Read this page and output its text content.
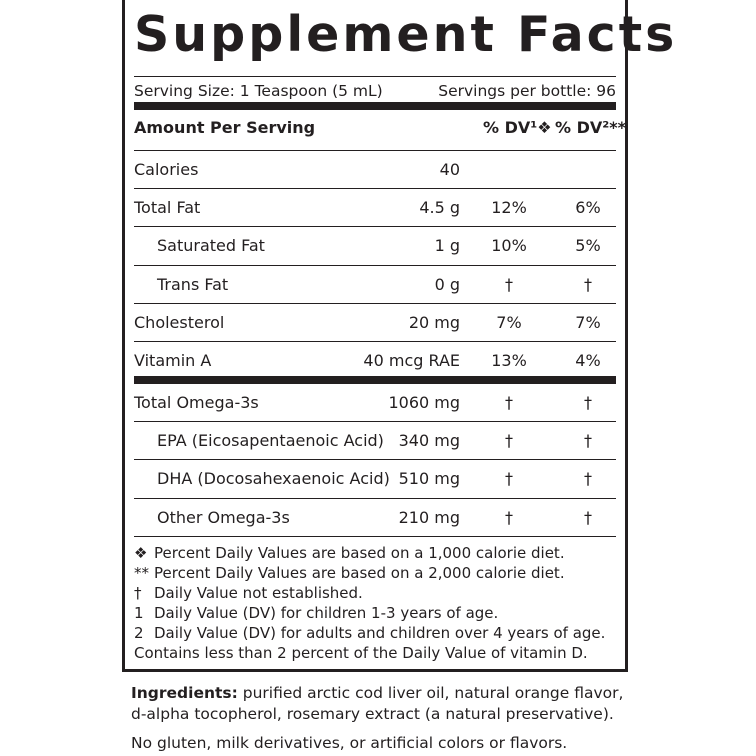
Supplement Facts
Serving Size: 1 Teaspoon (5 mL)	Servings per bottle: 96
Amount Per Serving	% DV¹❖ % DV²**
Calories	40
Total Fat	4.5 g	12%	6%
Saturated Fat	1 g	10%	5%
Trans Fat	0 g	†	†
Cholesterol	20 mg	7%	7%
Vitamin A	40 mcg RAE	13%	4%
Total Omega-3s	1060 mg	†	†
EPA (Eicosapentaenoic Acid) 340 mg	†	†
DHA (Docosahexaenoic Acid) 510 mg	†	†
Other Omega-3s	210 mg	†	†
❖ Percent Daily Values are based on a 1,000 calorie diet.
** Percent Daily Values are based on a 2,000 calorie diet.
† Daily Value not established.
1 Daily Value (DV) for children 1-3 years of age.
2 Daily Value (DV) for adults and children over 4 years of age.
Contains less than 2 percent of the Daily Value of vitamin D.
Ingredients: purified arctic cod liver oil, natural orange flavor, d-alpha tocopherol, rosemary extract (a natural preservative).
No gluten, milk derivatives, or artificial colors or flavors.
